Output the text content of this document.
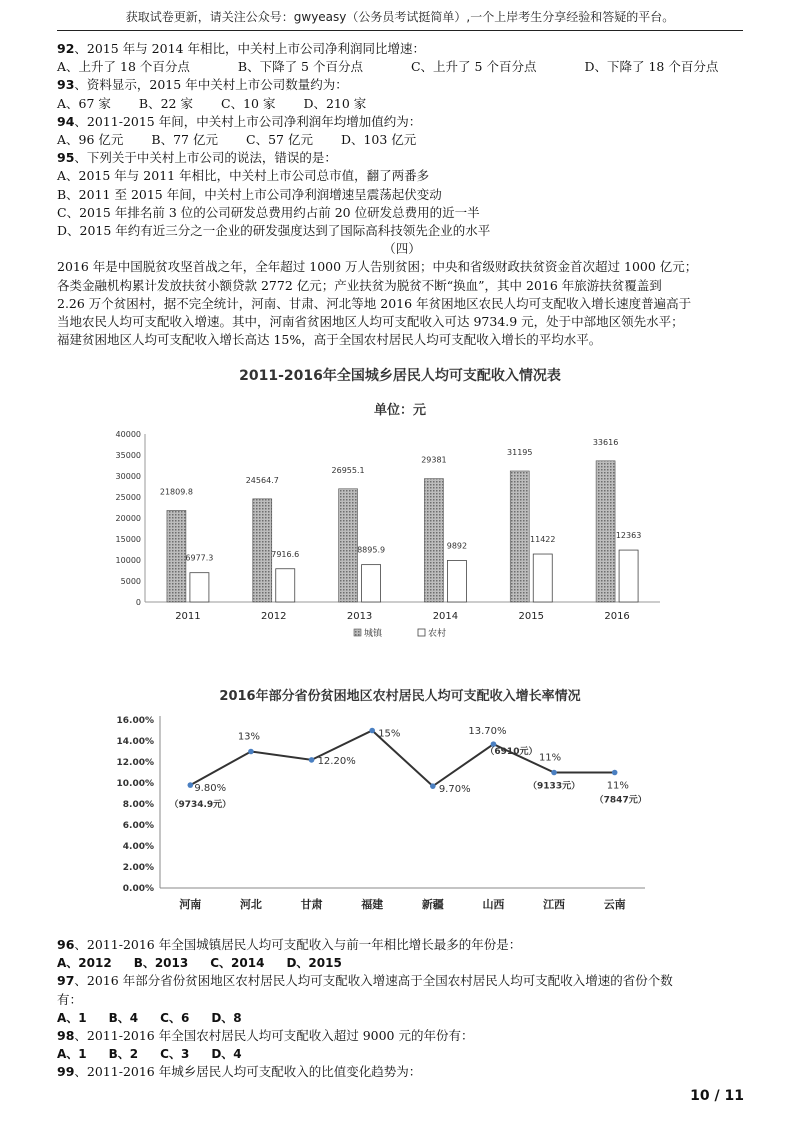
获取试卷更新，请关注公众号：gwyeasy（公务员考试挺简单）,一个上岸考生分享经验和答疑的平台。
92、2015 年与 2014 年相比，中关村上市公司净利润同比增速：
A、上升了 18 个百分点	B、下降了 5 个百分点	C、上升了 5 个百分点	D、下降了 18 个百分点
93、资料显示，2015 年中关村上市公司数量约为：
A、67 家 B、22 家 C、10 家 D、210 家
94、2011-2015 年间，中关村上市公司净利润年均增加值约为：
A、96 亿元 B、77 亿元 C、57 亿元 D、103 亿元
95、下列关于中关村上市公司的说法，错误的是：
A、2015 年与 2011 年相比，中关村上市公司总市值，翻了两番多
B、2011 至 2015 年间，中关村上市公司净利润增速呈震荡起伏变动
C、2015 年排名前 3 位的公司研发总费用约占前 20 位研发总费用的近一半
D、2015 年约有近三分之一企业的研发强度达到了国际高科技领先企业的水平
（四）
2016 年是中国脱贫攻坚首战之年，全年超过 1000 万人告别贫困；中央和省级财政扶贫资金首次超过 1000 亿元；
各类金融机构累计发放扶贫小额贷款 2772 亿元；产业扶贫为脱贫不断“换血”，其中 2016 年旅游扶贫覆盖到
2.26 万个贫困村，据不完全统计，河南、甘肃、河北等地 2016 年贫困地区农民人均可支配收入增长速度普遍高于
当地农民人均可支配收入增速。其中，河南省贫困地区人均可支配收入可达 9734.9 元，处于中部地区领先水平；
福建贫困地区人均可支配收入增长高达 15%，高于全国农村居民人均可支配收入增长的平均水平。
2011-2016年全国城乡居民人均可支配收入情况表
单位：元
0
5000
10000
15000
20000
25000
30000
35000
40000
2011	2012	2013	2014	2015	2016
21809.8
6977.3
24564.7
7916.6
26955.1
8895.9
29381
9892
31195
11422
33616
12363
城镇	农村
2016年部分省份贫困地区农村居民人均可支配收入增长率情况
0.00%
2.00%
4.00%
6.00%
8.00%
10.00%
12.00%
14.00%
16.00%
河南	河北	甘肃	福建	新疆	山西	江西	云南
9.80%
13%
12.20%
15%
9.70%
13.70%
11%
11%
（9734.9元）
（6910元）
（9133元）
（7847元）
96、2011-2016 年全国城镇居民人均可支配收入与前一年相比增长最多的年份是：
A、2012 B、2013 C、2014 D、2015
97、2016 年部分省份贫困地区农村居民人均可支配收入增速高于全国农村居民人均可支配收入增速的省份个数
有：
A、1 B、4 C、6 D、8
98、2011-2016 年全国农村居民人均可支配收入超过 9000 元的年份有：
A、1 B、2 C、3 D、4
99、2011-2016 年城乡居民人均可支配收入的比值变化趋势为：
10 / 11
